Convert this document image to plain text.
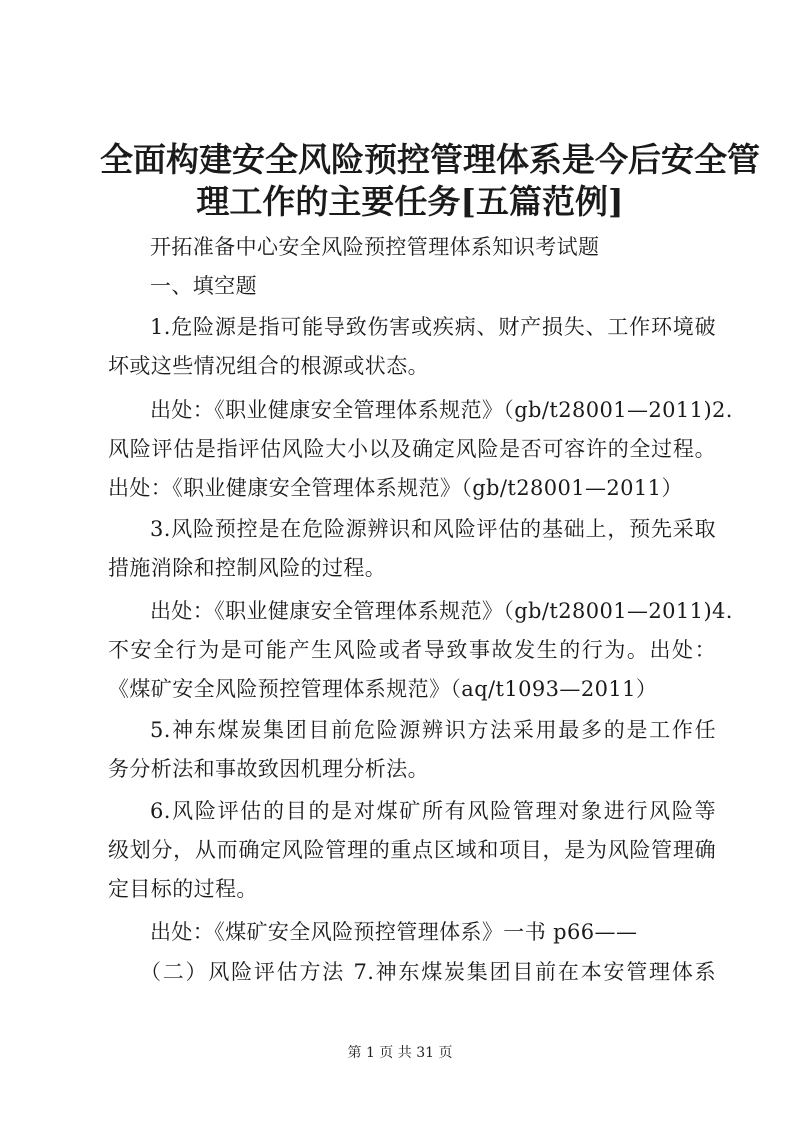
全面构建安全风险预控管理体系是今后安全管
理工作的主要任务[五篇范例]
开拓准备中心安全风险预控管理体系知识考试题
一、填空题
1.危险源是指可能导致伤害或疾病、财产损失、工作环境破
坏或这些情况组合的根源或状态。
出处：《职业健康安全管理体系规范》（gb/t28001—2011)2.
风险评估是指评估风险大小以及确定风险是否可容许的全过程。
出处：《职业健康安全管理体系规范》（gb/t28001—2011）
3.风险预控是在危险源辨识和风险评估的基础上，预先采取
措施消除和控制风险的过程。
出处：《职业健康安全管理体系规范》（gb/t28001—2011)4.
不安全行为是可能产生风险或者导致事故发生的行为。出处：
《煤矿安全风险预控管理体系规范》（aq/t1093—2011）
5.神东煤炭集团目前危险源辨识方法采用最多的是工作任
务分析法和事故致因机理分析法。
6.风险评估的目的是对煤矿所有风险管理对象进行风险等
级划分，从而确定风险管理的重点区域和项目，是为风险管理确
定目标的过程。
出处：《煤矿安全风险预控管理体系》一书 p66——
（二）风险评估方法 7.神东煤炭集团目前在本安管理体系
第 1 页 共 31 页
